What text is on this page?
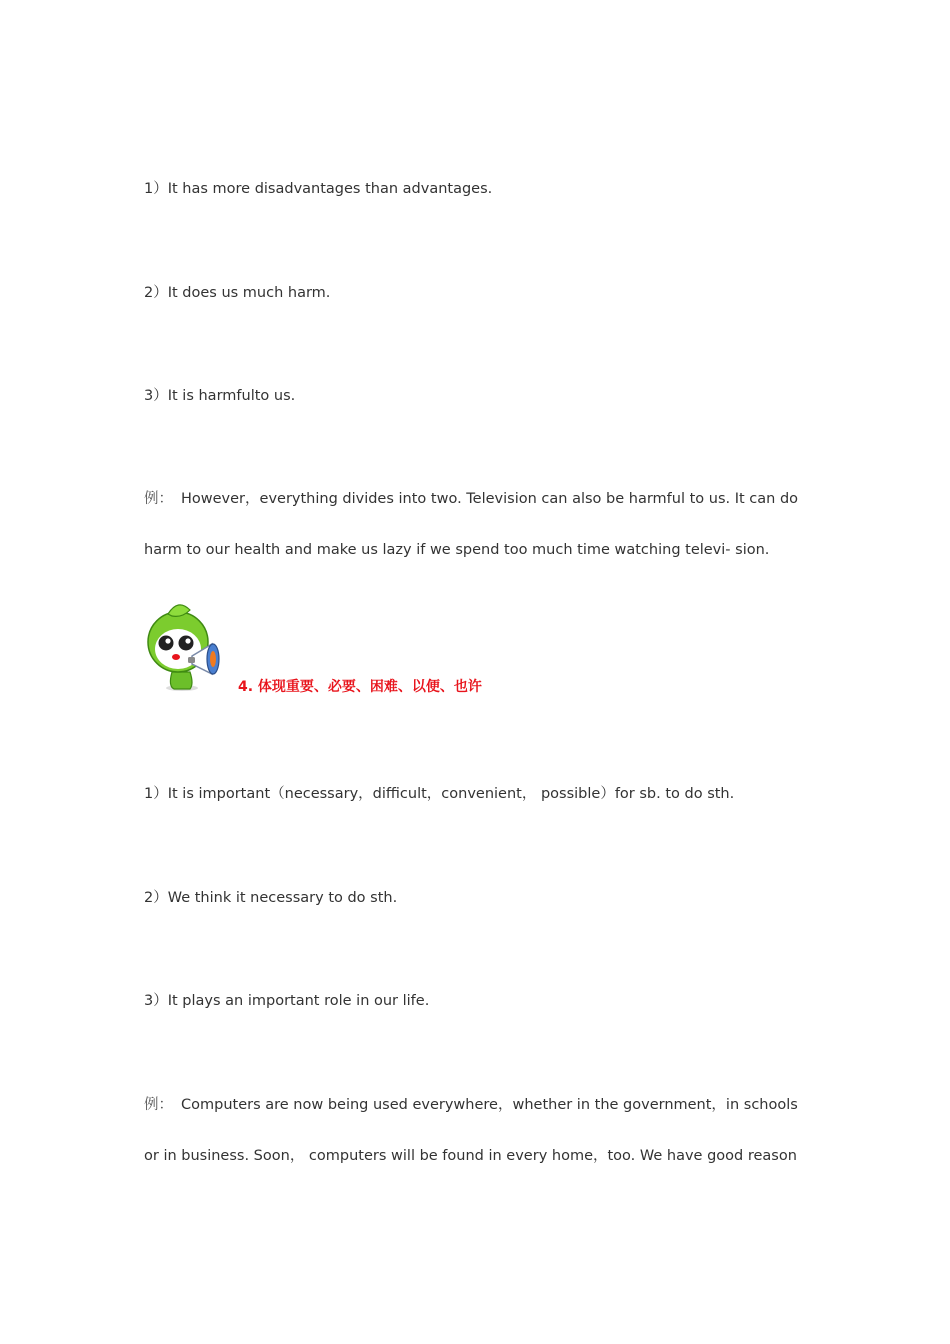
1）It has more disadvantages than advantages.
2）It does us much harm.
3）It is harmfulto us.
例： However，everything divides into two. Television can also be harmful to us. It can do
harm to our health and make us lazy if we spend too much time watching televi- sion.
4. 体现重要、必要、困难、以便、也许
1）It is important（necessary，difficult，convenient， possible）for sb. to do sth.
2）We think it necessary to do sth.
3）It plays an important role in our life.
例： Computers are now being used everywhere，whether in the government，in schools
or in business. Soon， computers will be found in every home，too. We have good reason
